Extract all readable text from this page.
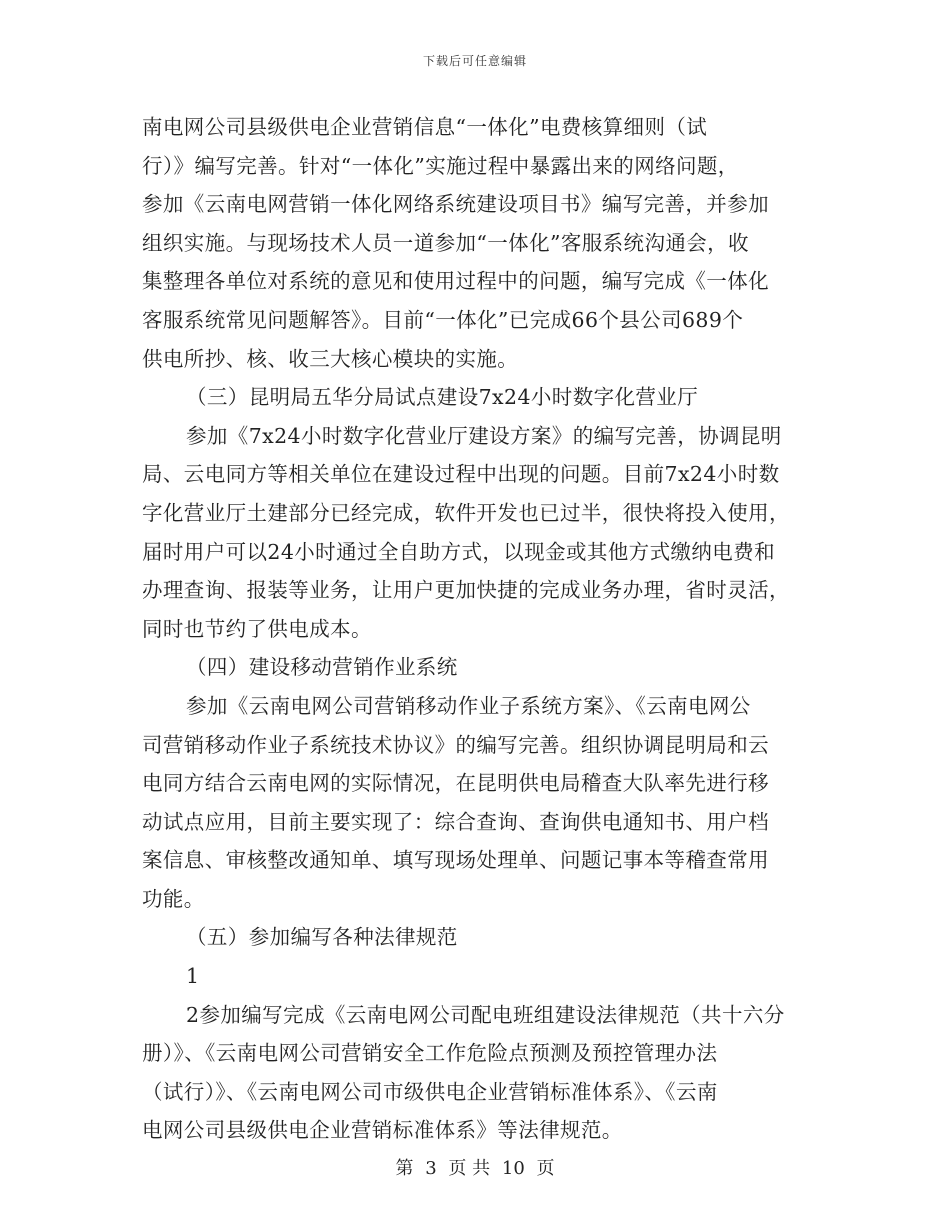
下载后可任意编辑
南电网公司县级供电企业营销信息“一体化”电费核算细则（试
行）》编写完善。针对“一体化”实施过程中暴露出来的网络问题，
参加《云南电网营销一体化网络系统建设项目书》编写完善，并参加
组织实施。与现场技术人员一道参加“一体化”客服系统沟通会，收
集整理各单位对系统的意见和使用过程中的问题，编写完成《一体化
客服系统常见问题解答》。目前“一体化”已完成66个县公司689个
供电所抄、核、收三大核心模块的实施。
（三）昆明局五华分局试点建设7x24小时数字化营业厅
参加《7x24小时数字化营业厅建设方案》的编写完善，协调昆明
局、云电同方等相关单位在建设过程中出现的问题。目前7x24小时数
字化营业厅土建部分已经完成，软件开发也已过半，很快将投入使用，
届时用户可以24小时通过全自助方式，以现金或其他方式缴纳电费和
办理查询、报装等业务，让用户更加快捷的完成业务办理，省时灵活，
同时也节约了供电成本。
（四）建设移动营销作业系统
参加《云南电网公司营销移动作业子系统方案》、《云南电网公
司营销移动作业子系统技术协议》的编写完善。组织协调昆明局和云
电同方结合云南电网的实际情况，在昆明供电局稽查大队率先进行移
动试点应用，目前主要实现了：综合查询、查询供电通知书、用户档
案信息、审核整改通知单、填写现场处理单、问题记事本等稽查常用
功能。
（五）参加编写各种法律规范
1
2参加编写完成《云南电网公司配电班组建设法律规范（共十六分
册）》、《云南电网公司营销安全工作危险点预测及预控管理办法
（试行）》、《云南电网公司市级供电企业营销标准体系》、《云南
电网公司县级供电企业营销标准体系》等法律规范。
第 3 页 共 10 页
